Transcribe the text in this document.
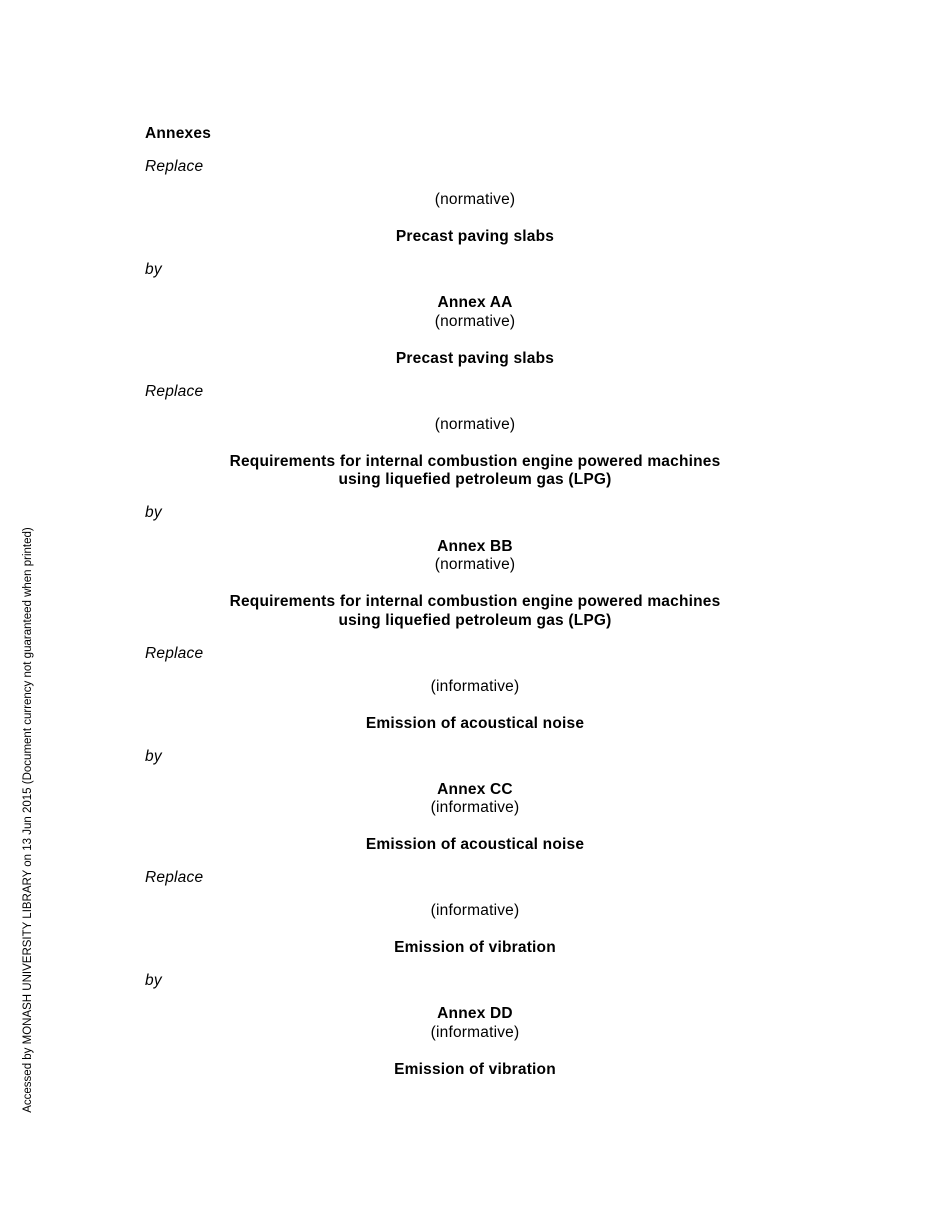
Accessed by MONASH UNIVERSITY LIBRARY on 13 Jun 2015 (Document currency not guaranteed when printed)
Annexes
Replace
(normative)
Precast paving slabs
by
Annex AA
(normative)
Precast paving slabs
Replace
(normative)
Requirements for internal combustion engine powered machines
using liquefied petroleum gas (LPG)
by
Annex BB
(normative)
Requirements for internal combustion engine powered machines
using liquefied petroleum gas (LPG)
Replace
(informative)
Emission of acoustical noise
by
Annex CC
(informative)
Emission of acoustical noise
Replace
(informative)
Emission of vibration
by
Annex DD
(informative)
Emission of vibration
